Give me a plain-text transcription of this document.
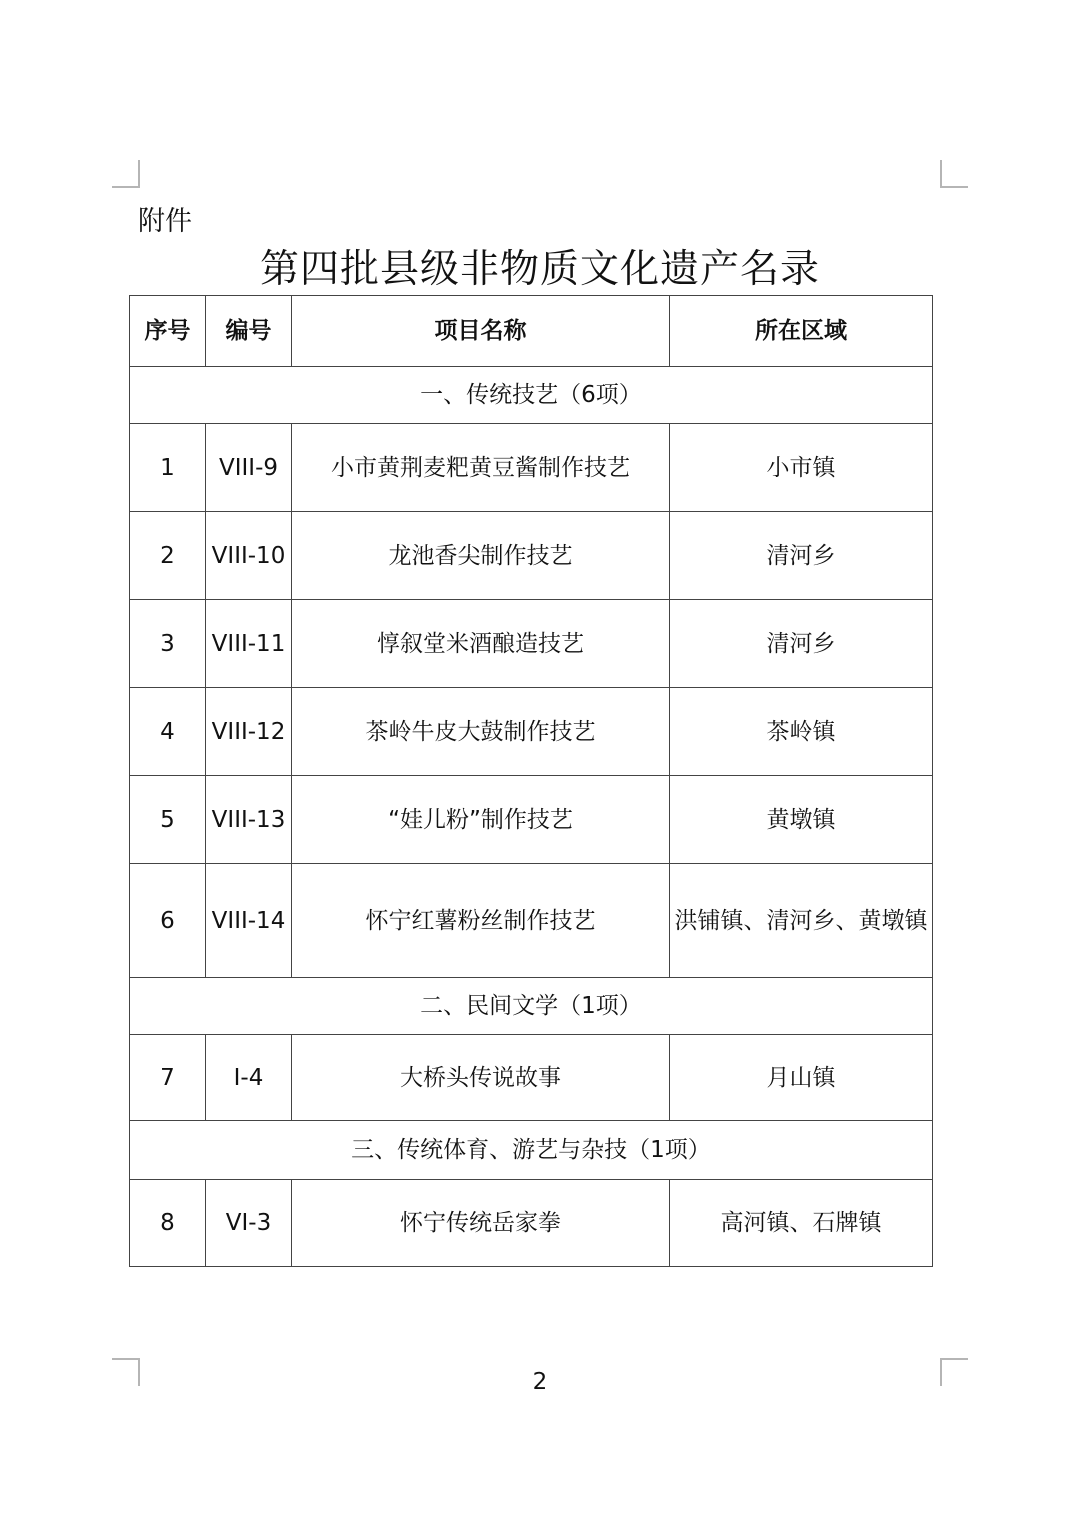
附件
第四批县级非物质文化遗产名录
序号	编号	项目名称	所在区域
一、传统技艺（6项）			
1	VIII-9	小市黄荆麦粑黄豆酱制作技艺	小市镇
2	VIII-10	龙池香尖制作技艺	清河乡
3	VIII-11	惇叙堂米酒酿造技艺	清河乡
4	VIII-12	茶岭牛皮大鼓制作技艺	茶岭镇
5	VIII-13	“娃儿粉”制作技艺	黄墩镇
6	VIII-14	怀宁红薯粉丝制作技艺	洪铺镇、清河乡、黄墩镇
二、民间文学（1项）			
7	I-4	大桥头传说故事	月山镇
三、传统体育、游艺与杂技（1项）			
8	VI-3	怀宁传统岳家拳	高河镇、石牌镇
2
